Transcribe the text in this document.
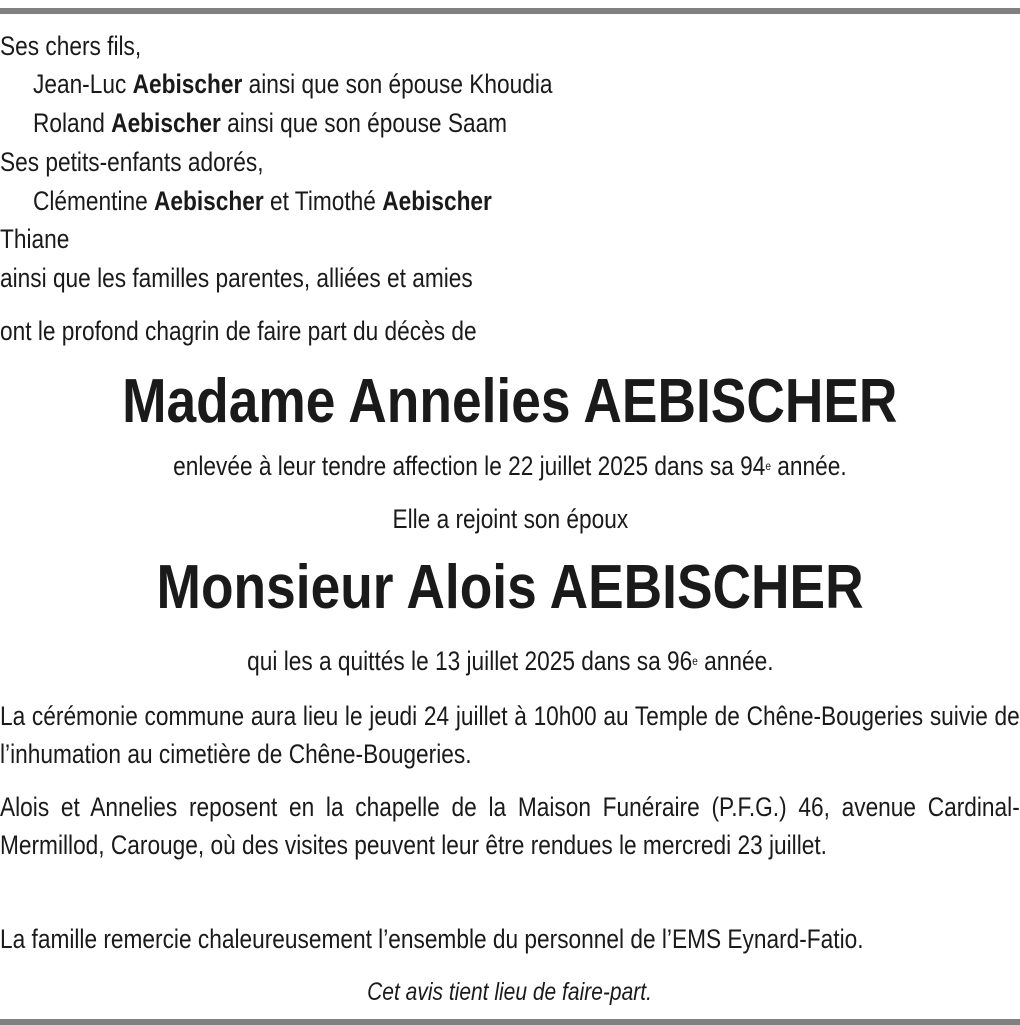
Ses chers fils,
Jean-Luc Aebischer ainsi que son épouse Khoudia
Roland Aebischer ainsi que son épouse Saam
Ses petits-enfants adorés,
Clémentine Aebischer et Timothé Aebischer
Thiane
ainsi que les familles parentes, alliées et amies
ont le profond chagrin de faire part du décès de
Madame Annelies AEBISCHER
enlevée à leur tendre affection le 22 juillet 2025 dans sa 94e année.
Elle a rejoint son époux
Monsieur Alois AEBISCHER
qui les a quittés le 13 juillet 2025 dans sa 96e année.
La cérémonie commune aura lieu le jeudi 24 juillet à 10h00 au Temple de Chêne-Bougeries suivie de l’inhumation au cimetière de Chêne-Bougeries.
Alois et Annelies reposent en la chapelle de la Maison Funéraire (P.F.G.) 46, avenue Cardinal-Mermillod, Carouge, où des visites peuvent leur être rendues le mercredi 23 juillet.
La famille remercie chaleureusement l’ensemble du personnel de l’EMS Eynard-Fatio.
Cet avis tient lieu de faire-part.
